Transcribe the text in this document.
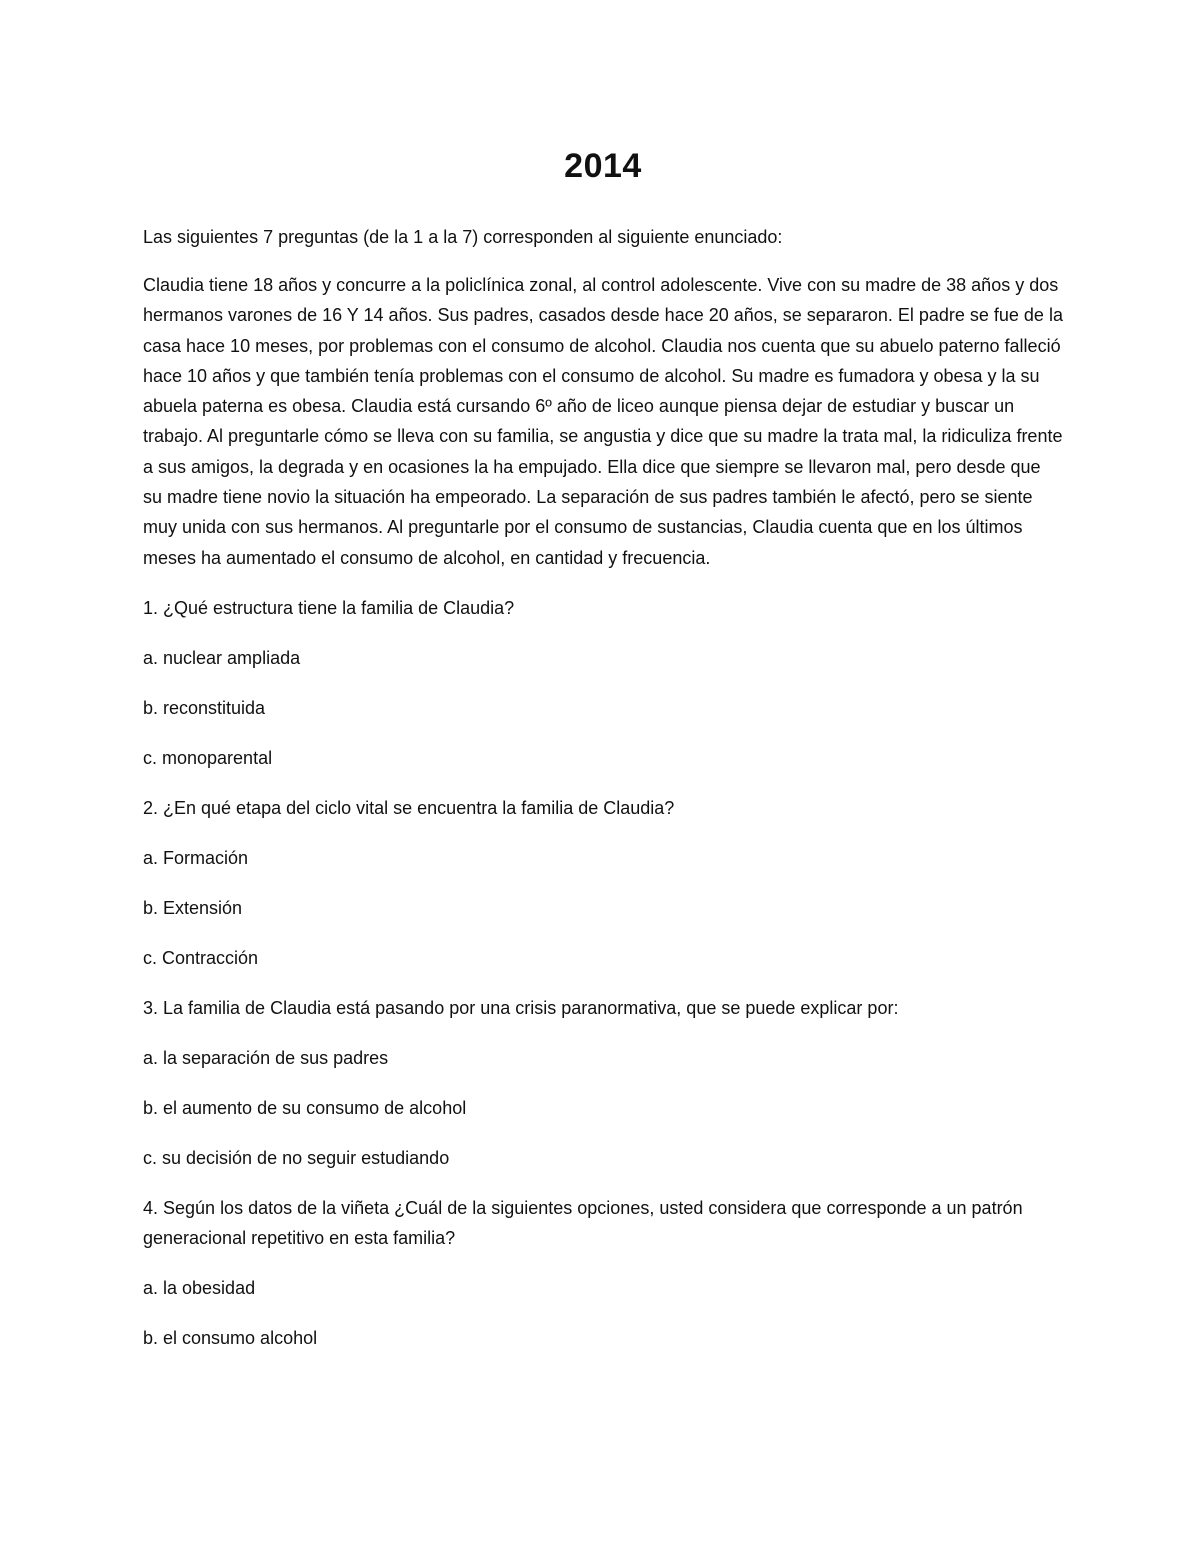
2014

Las siguientes 7 preguntas (de la 1 a la 7) corresponden al siguiente enunciado:

Claudia tiene 18 años y concurre a la policlínica zonal, al control adolescente. Vive con su madre de 38 años y dos hermanos varones de 16 Y 14 años. Sus padres, casados desde hace 20 años, se separaron. El padre se fue de la casa hace 10 meses, por problemas con el consumo de alcohol. Claudia nos cuenta que su abuelo paterno falleció hace 10 años y que también tenía problemas con el consumo de alcohol. Su madre es fumadora y obesa y la su abuela paterna es obesa. Claudia está cursando 6º año de liceo aunque piensa dejar de estudiar y buscar un trabajo. Al preguntarle cómo se lleva con su familia, se angustia y dice que su madre la trata mal, la ridiculiza frente a sus amigos, la degrada y en ocasiones la ha empujado. Ella dice que siempre se llevaron mal, pero desde que su madre tiene novio la situación ha empeorado. La separación de sus padres también le afectó, pero se siente muy unida con sus hermanos. Al preguntarle por el consumo de sustancias, Claudia cuenta que en los últimos meses ha aumentado el consumo de alcohol, en cantidad y frecuencia.

1. ¿Qué estructura tiene la familia de Claudia?

a. nuclear ampliada

b. reconstituida

c. monoparental

2. ¿En qué etapa del ciclo vital se encuentra la familia de Claudia?

a. Formación

b. Extensión

c. Contracción

3. La familia de Claudia está pasando por una crisis paranormativa, que se puede explicar por:

a. la separación de sus padres

b. el aumento de su consumo de alcohol

c. su decisión de no seguir estudiando

4. Según los datos de la viñeta ¿Cuál de la siguientes opciones, usted considera que corresponde a un patrón generacional repetitivo en esta familia?

a. la obesidad

b. el consumo alcohol
